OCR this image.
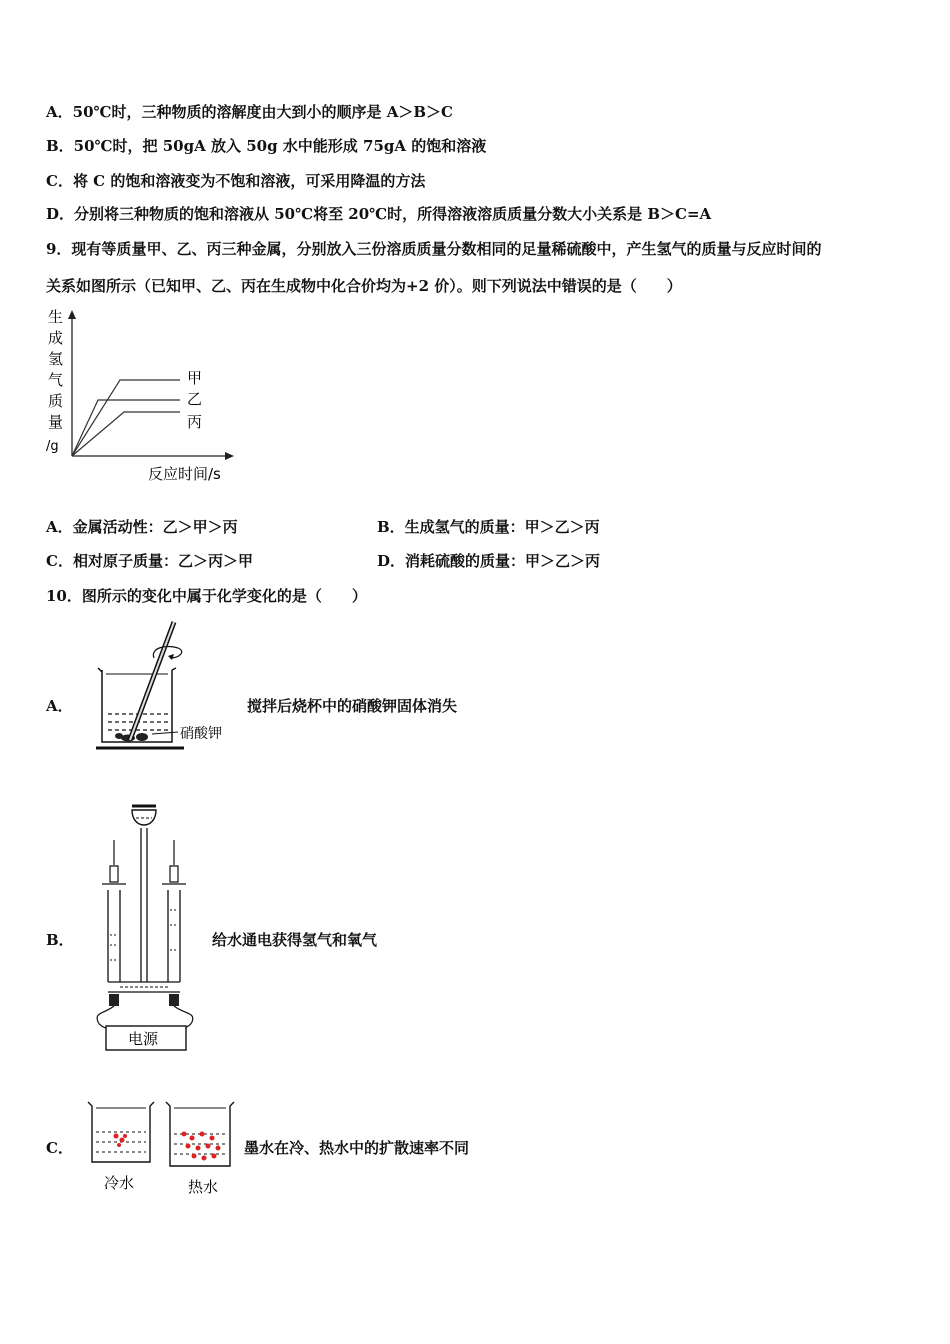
A．50℃时，三种物质的溶解度由大到小的顺序是 A＞B＞C
B．50℃时，把 50gA 放入 50g 水中能形成 75gA 的饱和溶液
C．将 C 的饱和溶液变为不饱和溶液，可采用降温的方法
D．分别将三种物质的饱和溶液从 50℃将至 20℃时，所得溶液溶质质量分数大小关系是 B＞C=A
9．现有等质量甲、乙、丙三种金属，分别放入三份溶质质量分数相同的足量稀硫酸中，产生氢气的质量与反应时间的
关系如图所示（已知甲、乙、丙在生成物中化合价均为+2 价）。则下列说法中错误的是（　　）
生
成
氢
气
质
量
/g
甲
乙
丙
反应时间/s
A．金属活动性：乙＞甲＞丙	B．生成氢气的质量：甲＞乙＞丙
C．相对原子质量：乙＞丙＞甲	D．消耗硫酸的质量：甲＞乙＞丙
10．图所示的变化中属于化学变化的是（　　）
A．
硝酸钾
搅拌后烧杯中的硝酸钾固体消失
B．
电源
给水通电获得氢气和氧气
C．
冷水	热水
墨水在冷、热水中的扩散速率不同
